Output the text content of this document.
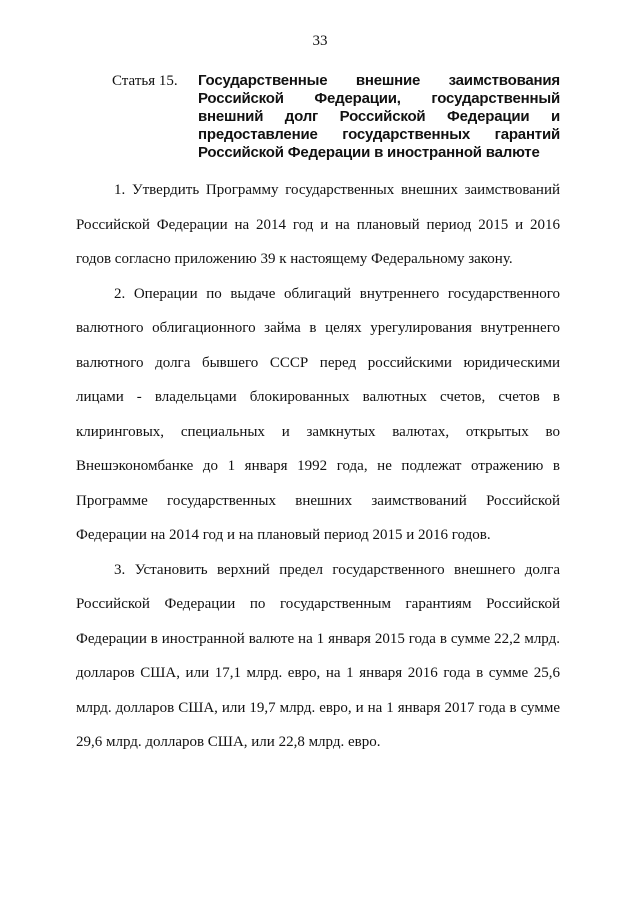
33
Статья 15.	Государственные внешние заимствования Российской Федерации, государственный внешний долг Российской Федерации и предоставление государственных гарантий Российской Федерации в иностранной валюте

1. Утвердить Программу государственных внешних заимствований Российской Федерации на 2014 год и на плановый период 2015 и 2016 годов согласно приложению 39 к настоящему Федеральному закону.

2. Операции по выдаче облигаций внутреннего государственного валютного облигационного займа в целях урегулирования внутреннего валютного долга бывшего СССР перед российскими юридическими лицами - владельцами блокированных валютных счетов, счетов в клиринговых, специальных и замкнутых валютах, открытых во Внешэкономбанке до 1 января 1992 года, не подлежат отражению в Программе государственных внешних заимствований Российской Федерации на 2014 год и на плановый период 2015 и 2016 годов.

3. Установить верхний предел государственного внешнего долга Российской Федерации по государственным гарантиям Российской Федерации в иностранной валюте на 1 января 2015 года в сумме 22,2 млрд. долларов США, или 17,1 млрд. евро, на 1 января 2016 года в сумме 25,6 млрд. долларов США, или 19,7 млрд. евро, и на 1 января 2017 года в сумме 29,6 млрд. долларов США, или 22,8 млрд. евро.
